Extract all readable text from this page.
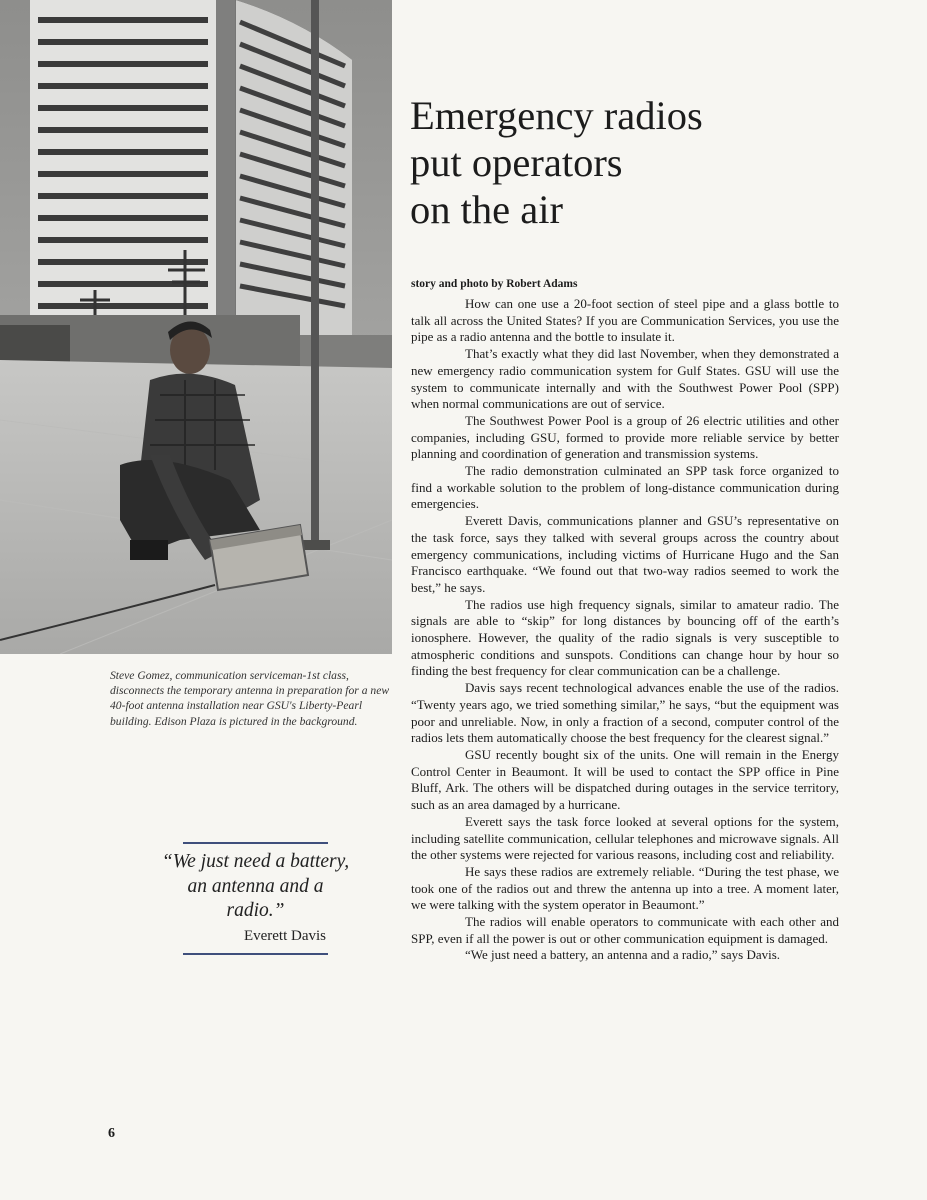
Steve Gomez, communication serviceman-1st class, disconnects the temporary antenna in preparation for a new 40-foot antenna installation near GSU's Liberty-Pearl building. Edison Plaza is pictured in the background.

“We just need a battery, an antenna and a radio.”
Everett Davis
Emergency radios
put operators
on the air
story and photo by Robert Adams

How can one use a 20-foot section of steel pipe and a glass bottle to talk all across the United States? If you are Communication Services, you use the pipe as a radio antenna and the bottle to insulate it.

That’s exactly what they did last November, when they demonstrated a new emergency radio communication system for Gulf States. GSU will use the system to communicate internally and with the Southwest Power Pool (SPP) when normal communications are out of service.

The Southwest Power Pool is a group of 26 electric utilities and other companies, including GSU, formed to provide more reliable service by better planning and coordination of generation and transmission systems.

The radio demonstration culminated an SPP task force organized to find a workable solution to the problem of long-distance communication during emergencies.

Everett Davis, communications planner and GSU’s representative on the task force, says they talked with several groups across the country about emergency communications, including victims of Hurricane Hugo and the San Francisco earthquake. “We found out that two-way radios seemed to work the best,” he says.

The radios use high frequency signals, similar to amateur radio. The signals are able to “skip” for long distances by bouncing off of the earth’s ionosphere. However, the quality of the radio signals is very susceptible to atmospheric conditions and sunspots. Conditions can change hour by hour so finding the best frequency for clear communication can be a challenge.

Davis says recent technological advances enable the use of the radios. “Twenty years ago, we tried something similar,” he says, “but the equipment was poor and unreliable. Now, in only a fraction of a second, computer control of the radios lets them automatically choose the best frequency for the clearest signal.”

GSU recently bought six of the units. One will remain in the Energy Control Center in Beaumont. It will be used to contact the SPP office in Pine Bluff, Ark. The others will be dispatched during outages in the service territory, such as an area damaged by a hurricane.

Everett says the task force looked at several options for the system, including satellite communication, cellular telephones and microwave signals. All the other systems were rejected for various reasons, including cost and reliability.

He says these radios are extremely reliable. “During the test phase, we took one of the radios out and threw the antenna up into a tree. A moment later, we were talking with the system operator in Beaumont.”

The radios will enable operators to communicate with each other and SPP, even if all the power is out or other communication equipment is damaged.

“We just need a battery, an antenna and a radio,” says Davis.

6
